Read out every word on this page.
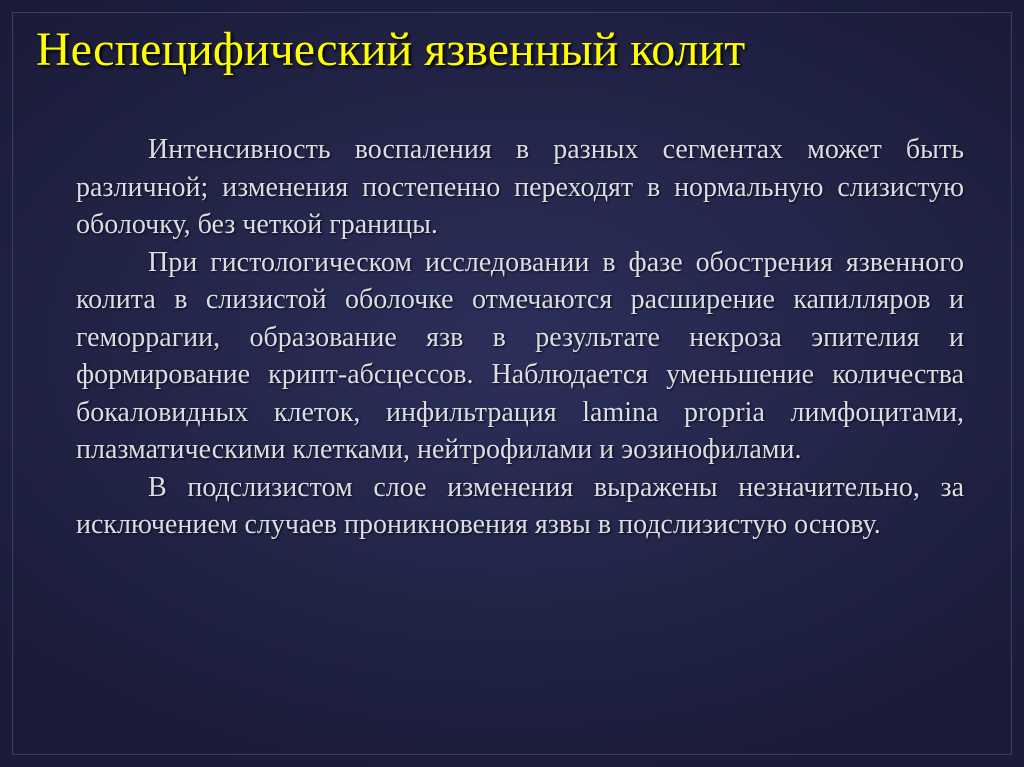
Неспецифический язвенный колит

Интенсивность воспаления в разных сегментах может быть различной; изменения постепенно переходят в нормальную слизистую оболочку, без четкой границы.

При гистологическом исследовании в фазе обострения язвенного колита в слизистой оболочке отмечаются расширение капилляров и геморрагии, образование язв в результате некроза эпителия и формирование крипт-абсцессов. Наблюдается уменьшение количества бокаловидных клеток, инфильтрация lamina propria лимфоцитами, плазматическими клетками, нейтрофилами и эозинофилами.

В подслизистом слое изменения выражены незначительно, за исключением случаев проникновения язвы в подслизистую основу.
